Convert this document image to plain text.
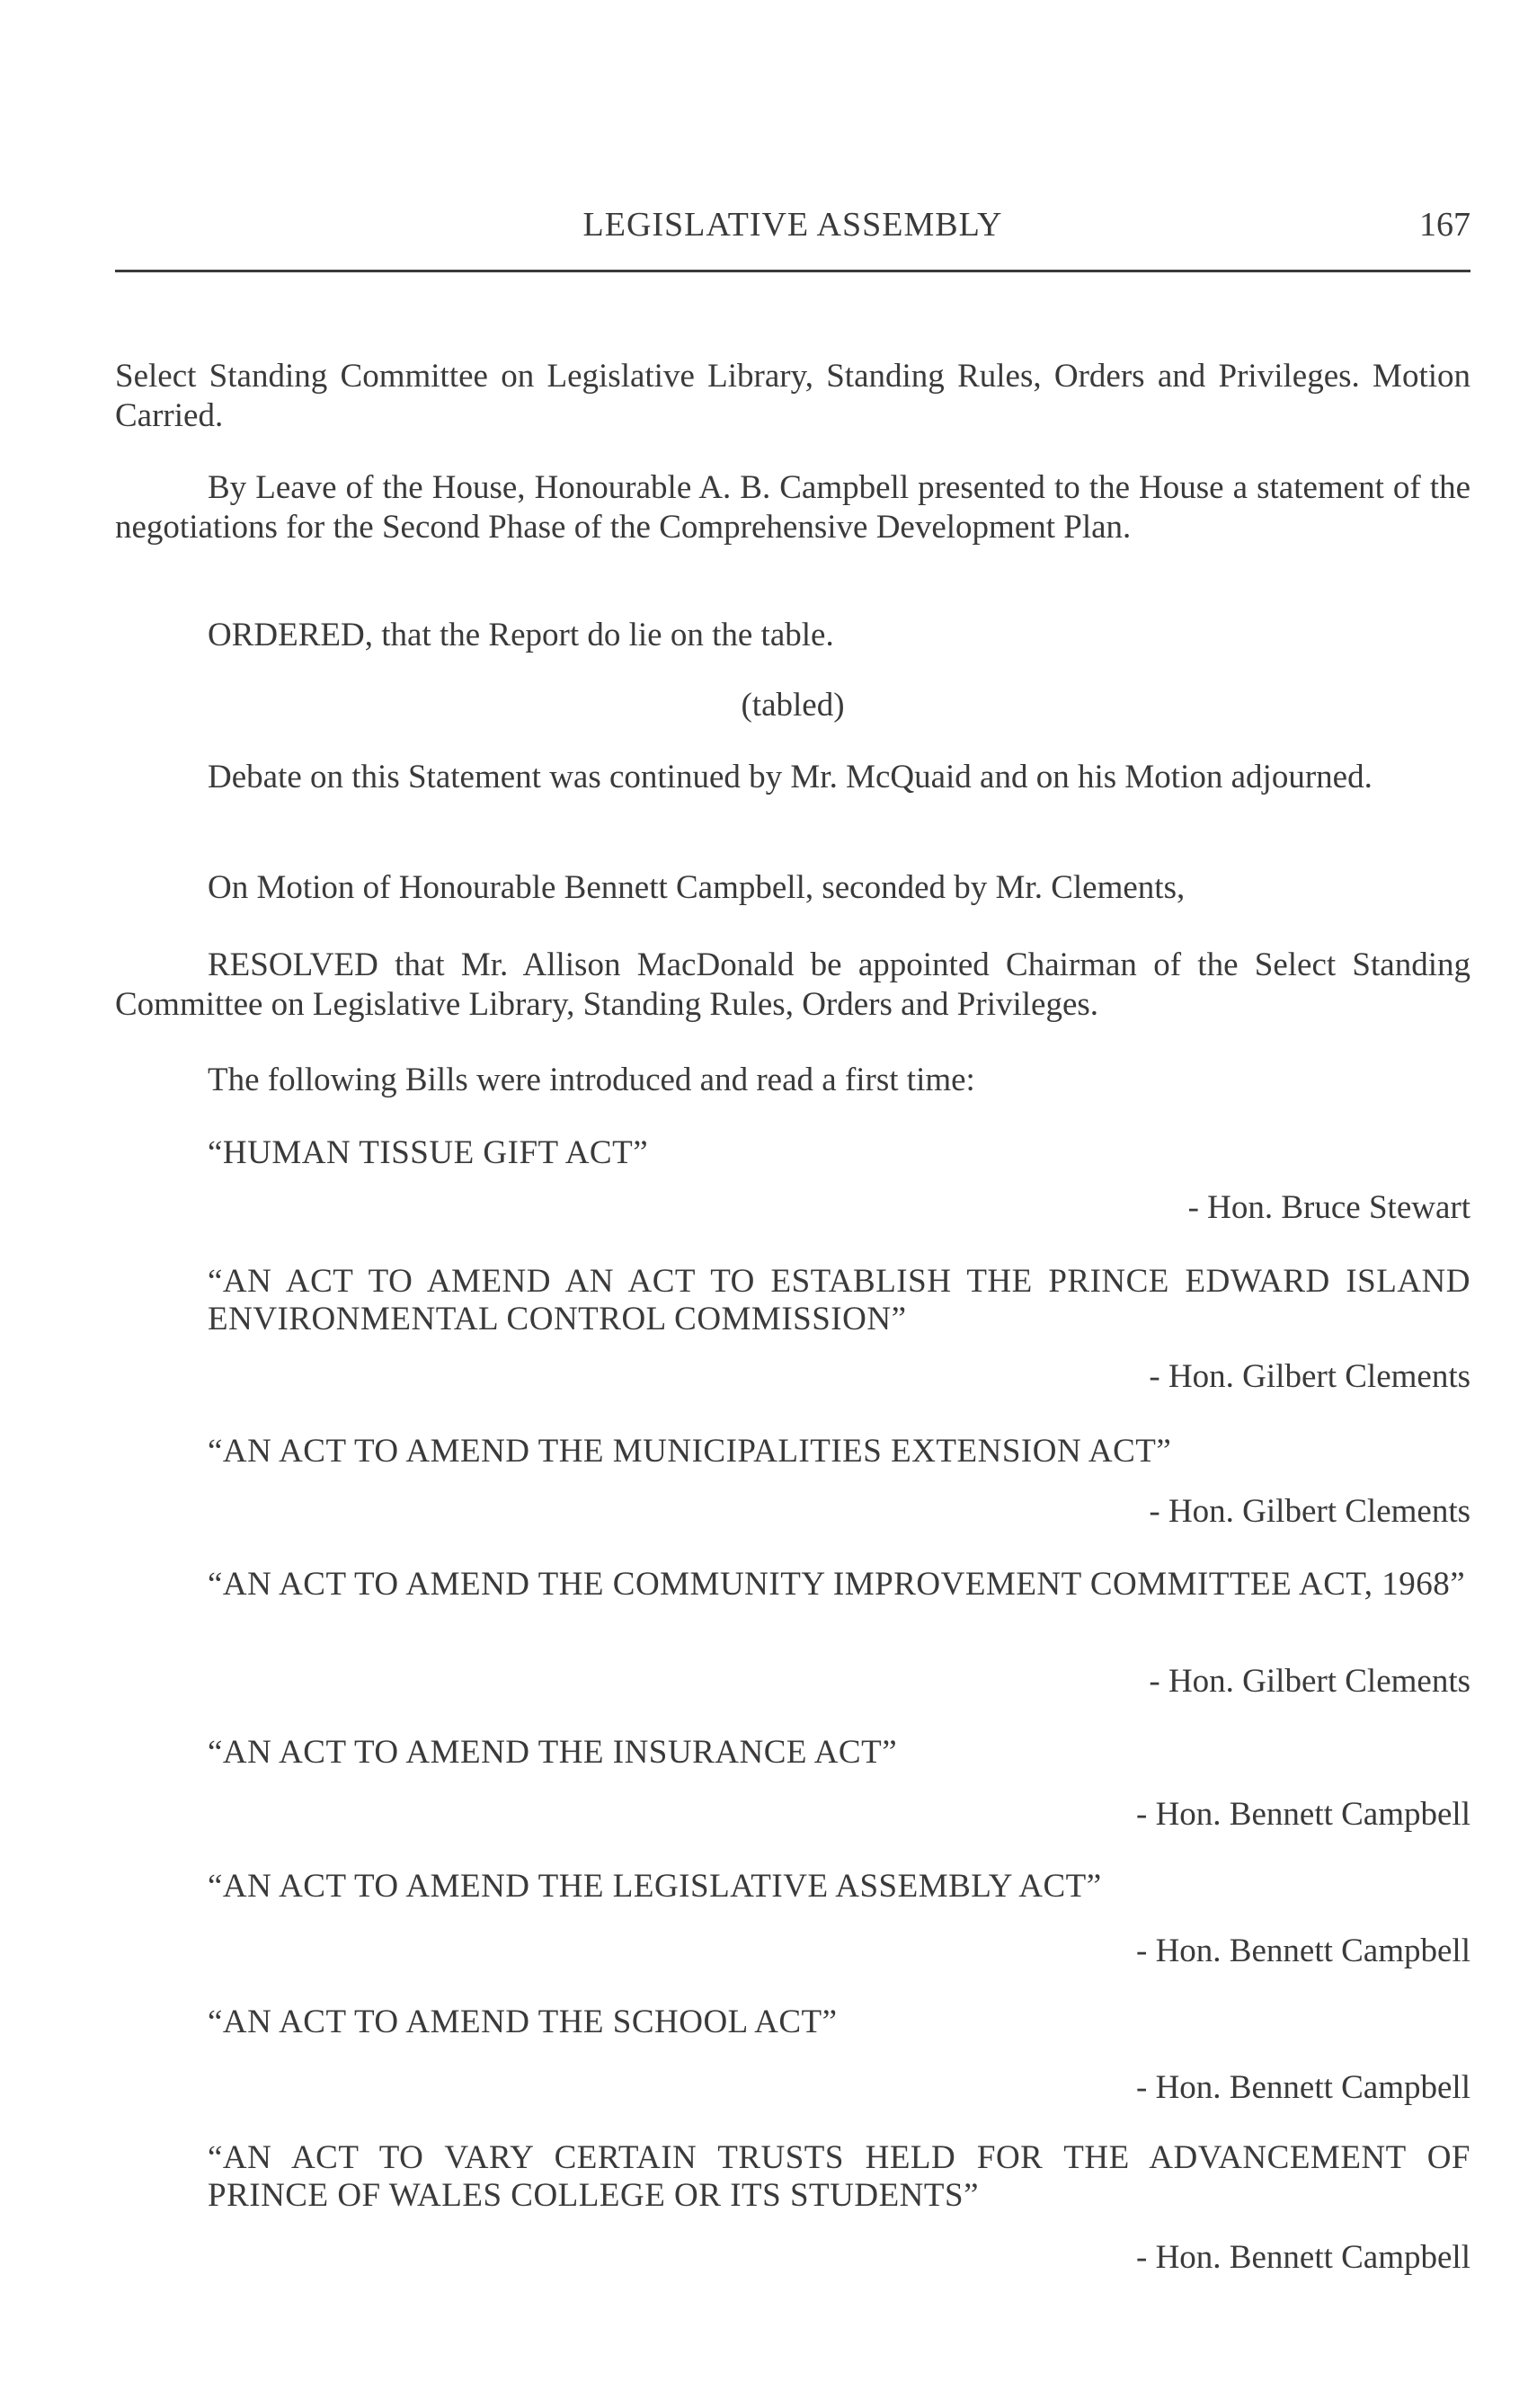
LEGISLATIVE ASSEMBLY	167
Select Standing Committee on Legislative Library, Standing Rules, Orders and Privileges. Motion Carried.
By Leave of the House, Honourable A. B. Campbell presented to the House a statement of the negotiations for the Second Phase of the Comprehensive Development Plan.
ORDERED, that the Report do lie on the table.
(tabled)
Debate on this Statement was continued by Mr. McQuaid and on his Motion adjourned.
On Motion of Honourable Bennett Campbell, seconded by Mr. Clements,
RESOLVED that Mr. Allison MacDonald be appointed Chairman of the Select Standing Committee on Legislative Library, Standing Rules, Orders and Privileges.
The following Bills were introduced and read a first time:
“HUMAN TISSUE GIFT ACT”
- Hon. Bruce Stewart
“AN ACT TO AMEND AN ACT TO ESTABLISH THE PRINCE EDWARD ISLAND ENVIRONMENTAL CONTROL COMMISSION”
- Hon. Gilbert Clements
“AN ACT TO AMEND THE MUNICIPALITIES EXTENSION ACT”
- Hon. Gilbert Clements
“AN ACT TO AMEND THE COMMUNITY IMPROVEMENT COMMITTEE ACT, 1968”
- Hon. Gilbert Clements
“AN ACT TO AMEND THE INSURANCE ACT”
- Hon. Bennett Campbell
“AN ACT TO AMEND THE LEGISLATIVE ASSEMBLY ACT”
- Hon. Bennett Campbell
“AN ACT TO AMEND THE SCHOOL ACT”
- Hon. Bennett Campbell
“AN ACT TO VARY CERTAIN TRUSTS HELD FOR THE ADVANCEMENT OF PRINCE OF WALES COLLEGE OR ITS STUDENTS”
- Hon. Bennett Campbell
